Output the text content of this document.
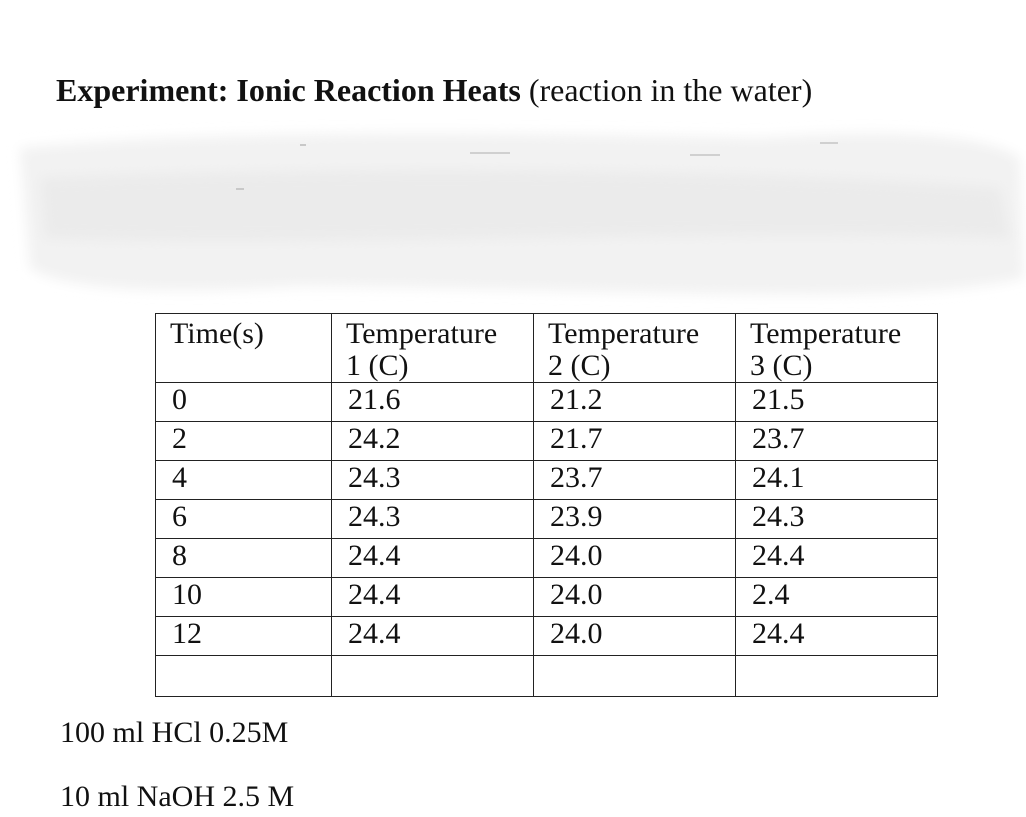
Experiment: Ionic Reaction Heats (reaction in the water)
Time(s)	Temperature 1 (C)	Temperature 2 (C)	Temperature 3 (C)
0	21.6	21.2	21.5
2	24.2	21.7	23.7
4	24.3	23.7	24.1
6	24.3	23.9	24.3
8	24.4	24.0	24.4
10	24.4	24.0	2.4
12	24.4	24.0	24.4

100 ml HCl 0.25M

10 ml NaOH 2.5 M
